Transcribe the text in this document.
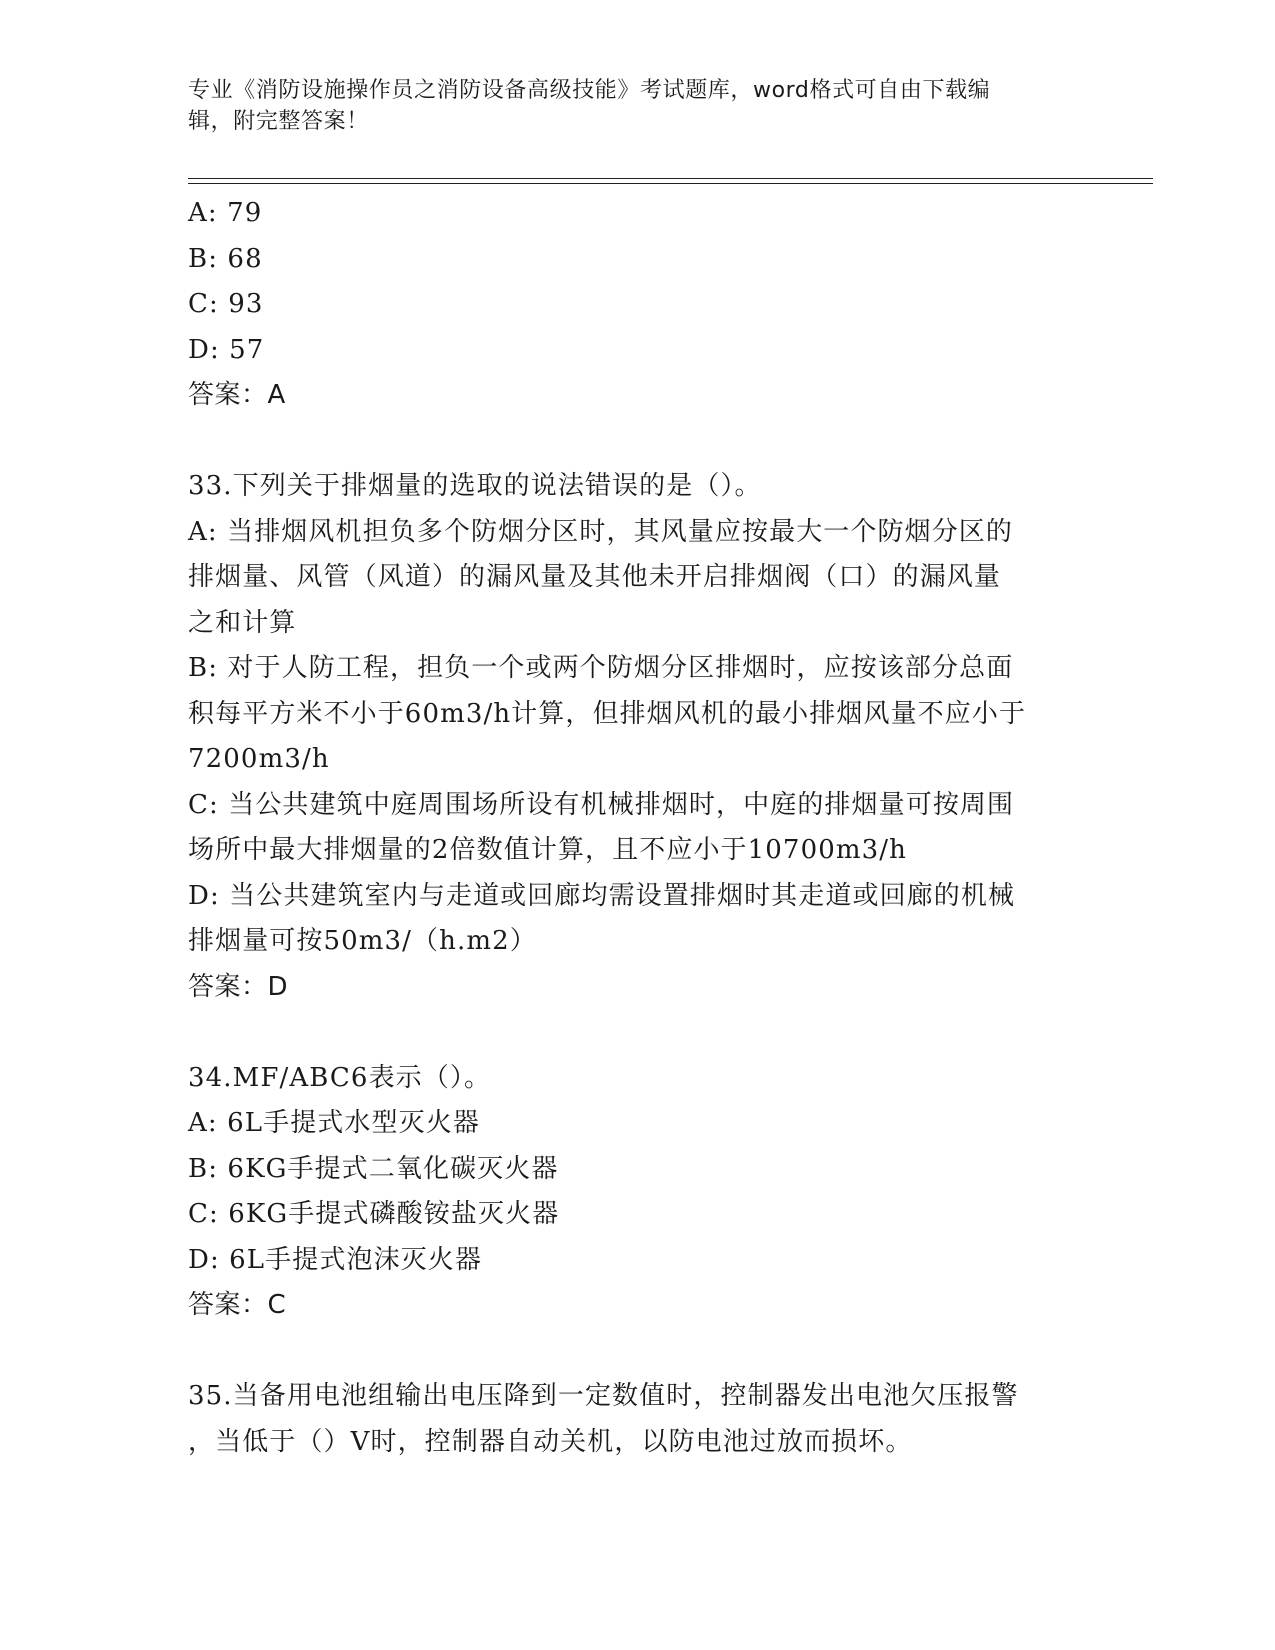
专业《消防设施操作员之消防设备高级技能》考试题库，word格式可自由下载编
辑，附完整答案！
A: 79
B: 68
C: 93
D: 57
答案：A
33.下列关于排烟量的选取的说法错误的是（）。
A: 当排烟风机担负多个防烟分区时，其风量应按最大一个防烟分区的
排烟量、风管（风道）的漏风量及其他未开启排烟阀（口）的漏风量
之和计算
B: 对于人防工程，担负一个或两个防烟分区排烟时，应按该部分总面
积每平方米不小于60m3/h计算，但排烟风机的最小排烟风量不应小于
7200m3/h
C: 当公共建筑中庭周围场所设有机械排烟时，中庭的排烟量可按周围
场所中最大排烟量的2倍数值计算，且不应小于10700m3/h
D: 当公共建筑室内与走道或回廊均需设置排烟时其走道或回廊的机械
排烟量可按50m3/（h.m2）
答案：D
34.MF/ABC6表示（）。
A: 6L手提式水型灭火器
B: 6KG手提式二氧化碳灭火器
C: 6KG手提式磷酸铵盐灭火器
D: 6L手提式泡沫灭火器
答案：C
35.当备用电池组输出电压降到一定数值时，控制器发出电池欠压报警
，当低于（）V时，控制器自动关机，以防电池过放而损坏。
